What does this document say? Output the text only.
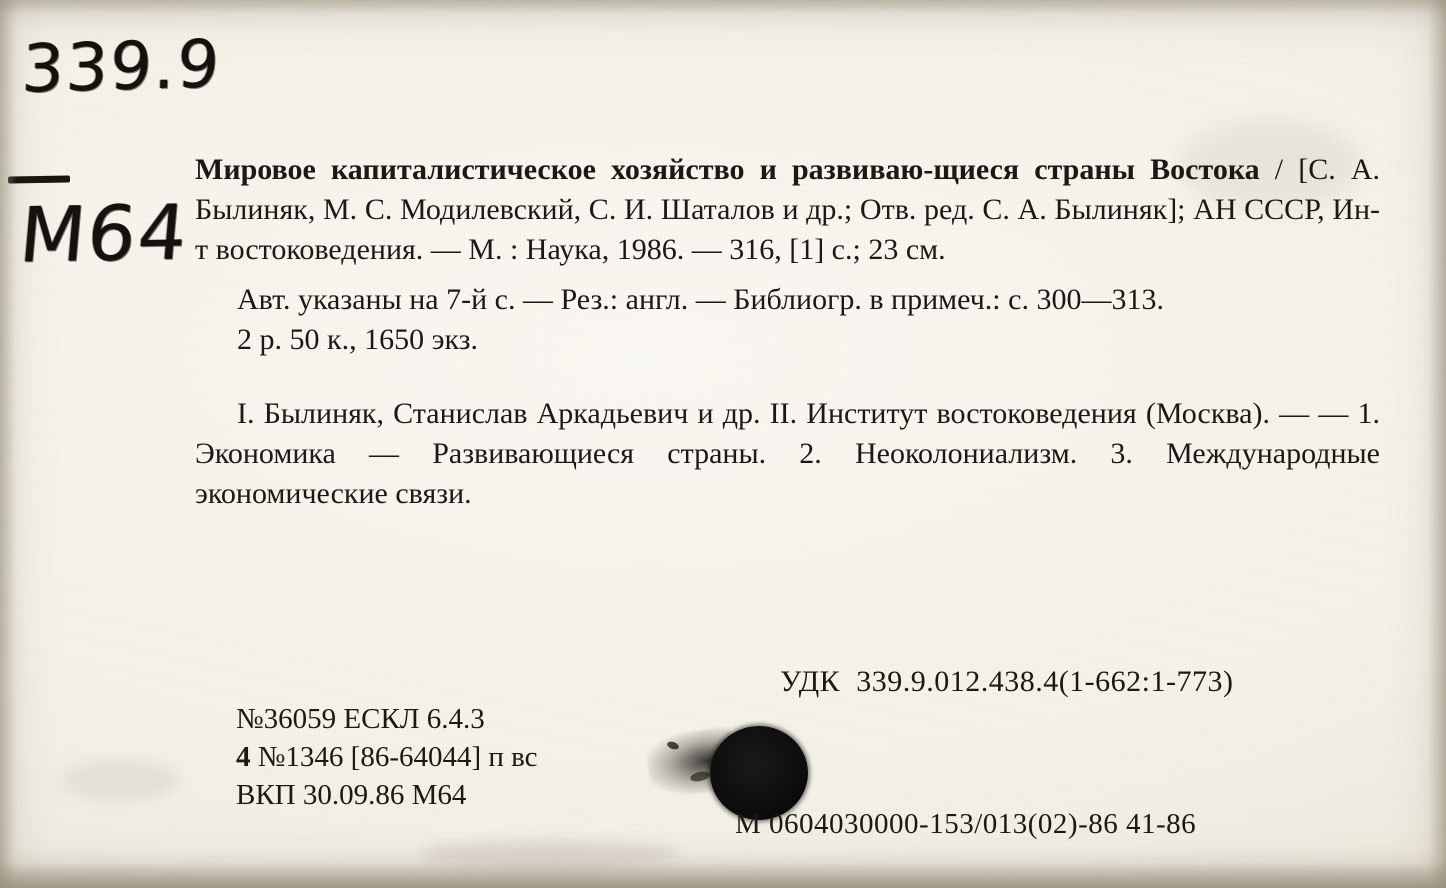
339.9
М64

Мировое капиталистическое хозяйство и развиваю-щиеся страны Востока / [С. А. Былиняк, М. С. Модилевский, С. И. Шаталов и др.; Отв. ред. С. А. Былиняк]; АН СССР, Ин-т востоковедения. — М. : Наука, 1986. — 316, [1] с.; 23 см.

Авт. указаны на 7-й с. — Рез.: англ. — Библиогр. в примеч.: с. 300—313.

2 р. 50 к., 1650 экз.

I. Былиняк, Станислав Аркадьевич и др. II. Институт востоковедения (Москва). — — 1. Экономика — Развивающиеся страны. 2. Неоколониализм. 3. Международные экономические связи.

УДК 339.9.012.438.4(1-662:1-773)
№36059 ЕСКЛ 6.4.3
4 №1346 [86-64044] п вс
ВКП 30.09.86 М64
М 0604030000-153/013(02)-86 41-86
